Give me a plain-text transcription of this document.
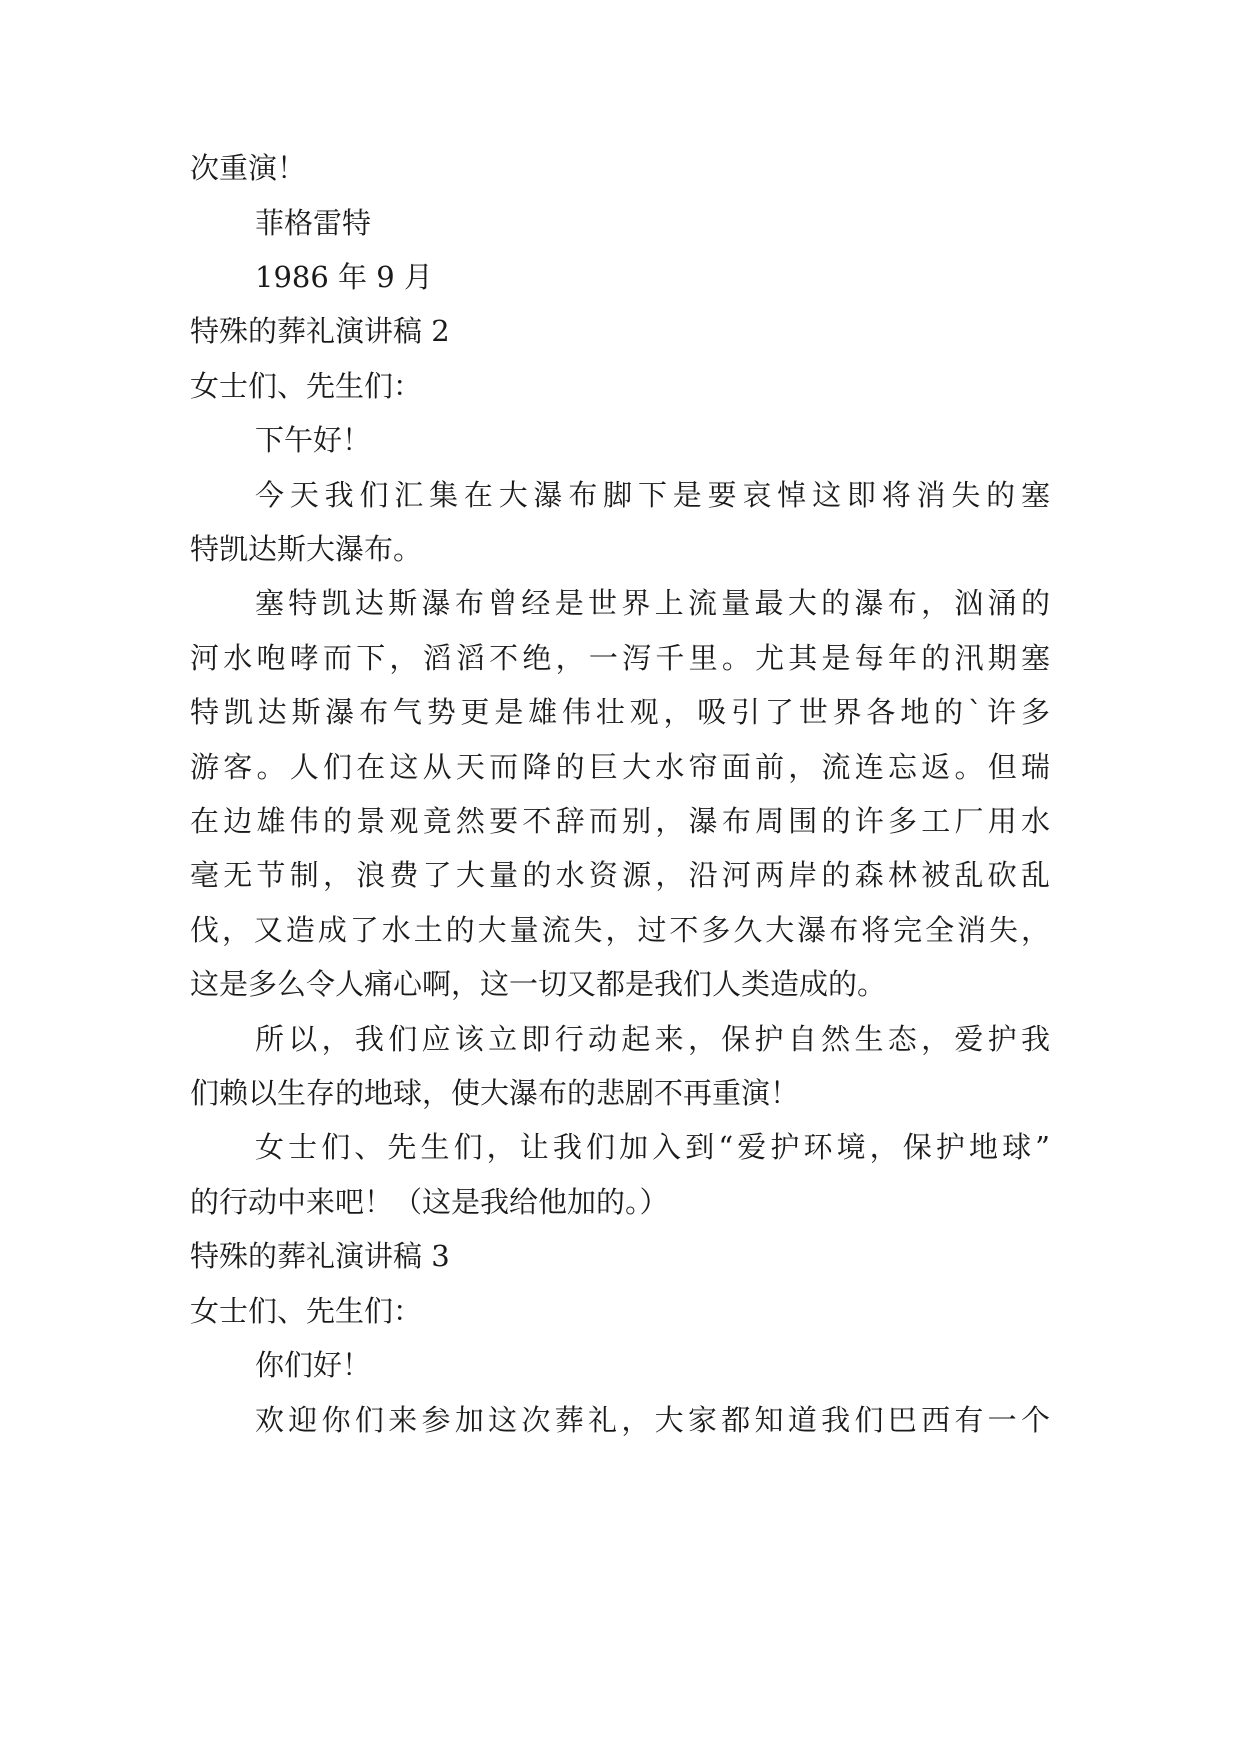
次重演！
菲格雷特
1986 年 9 月
特殊的葬礼演讲稿 2
女士们、先生们：
下午好！
今天我们汇集在大瀑布脚下是要哀悼这即将消失的塞
特凯达斯大瀑布。
塞特凯达斯瀑布曾经是世界上流量最大的瀑布，汹涌的
河水咆哮而下，滔滔不绝，一泻千里。尤其是每年的汛期塞
特凯达斯瀑布气势更是雄伟壮观，吸引了世界各地的`许多
游客。人们在这从天而降的巨大水帘面前，流连忘返。但瑞
在边雄伟的景观竟然要不辞而别，瀑布周围的许多工厂用水
毫无节制，浪费了大量的水资源，沿河两岸的森林被乱砍乱
伐，又造成了水土的大量流失，过不多久大瀑布将完全消失，
这是多么令人痛心啊，这一切又都是我们人类造成的。
所以，我们应该立即行动起来，保护自然生态，爱护我
们赖以生存的地球，使大瀑布的悲剧不再重演！
女士们、先生们，让我们加入到“爱护环境，保护地球”
的行动中来吧！（这是我给他加的。）
特殊的葬礼演讲稿 3
女士们、先生们：
你们好！
欢迎你们来参加这次葬礼，大家都知道我们巴西有一个
